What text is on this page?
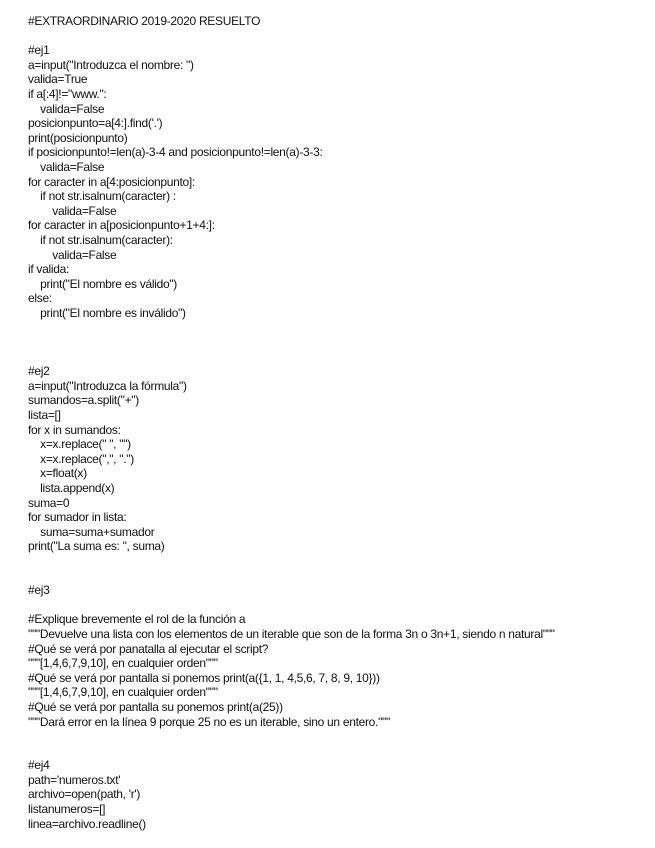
#EXTRAORDINARIO 2019-2020 RESUELTO
#ej1
a=input("Introduzca el nombre: ")
valida=True
if a[:4]!="www.":
valida=False
posicionpunto=a[4:].find('.')
print(posicionpunto)
if posicionpunto!=len(a)-3-4 and posicionpunto!=len(a)-3-3:
valida=False
for caracter in a[4:posicionpunto]:
if not str.isalnum(caracter) :
valida=False
for caracter in a[posicionpunto+1+4:]:
if not str.isalnum(caracter):
valida=False
if valida:
print("El nombre es válido")
else:
print("El nombre es inválido")
#ej2
a=input("Introduzca la fórmula")
sumandos=a.split("+")
lista=[]
for x in sumandos:
x=x.replace(" ", "")
x=x.replace(",", ".")
x=float(x)
lista.append(x)
suma=0
for sumador in lista:
suma=suma+sumador
print("La suma es: ", suma)
#ej3
#Explique brevemente el rol de la función a
"""Devuelve una lista con los elementos de un iterable que son de la forma 3n o 3n+1, siendo n natural"""
#Qué se verá por panatalla al ejecutar el script?
"""[1,4,6,7,9,10], en cualquier orden"""
#Qué se verá por pantalla si ponemos print(a({1, 1, 4,5,6, 7, 8, 9, 10}))
"""[1,4,6,7,9,10], en cualquier orden"""
#Qué se verá por pantalla su ponemos print(a(25))
"""Dará error en la línea 9 porque 25 no es un iterable, sino un entero."""
#ej4
path='numeros.txt'
archivo=open(path, 'r')
listanumeros=[]
linea=archivo.readline()
